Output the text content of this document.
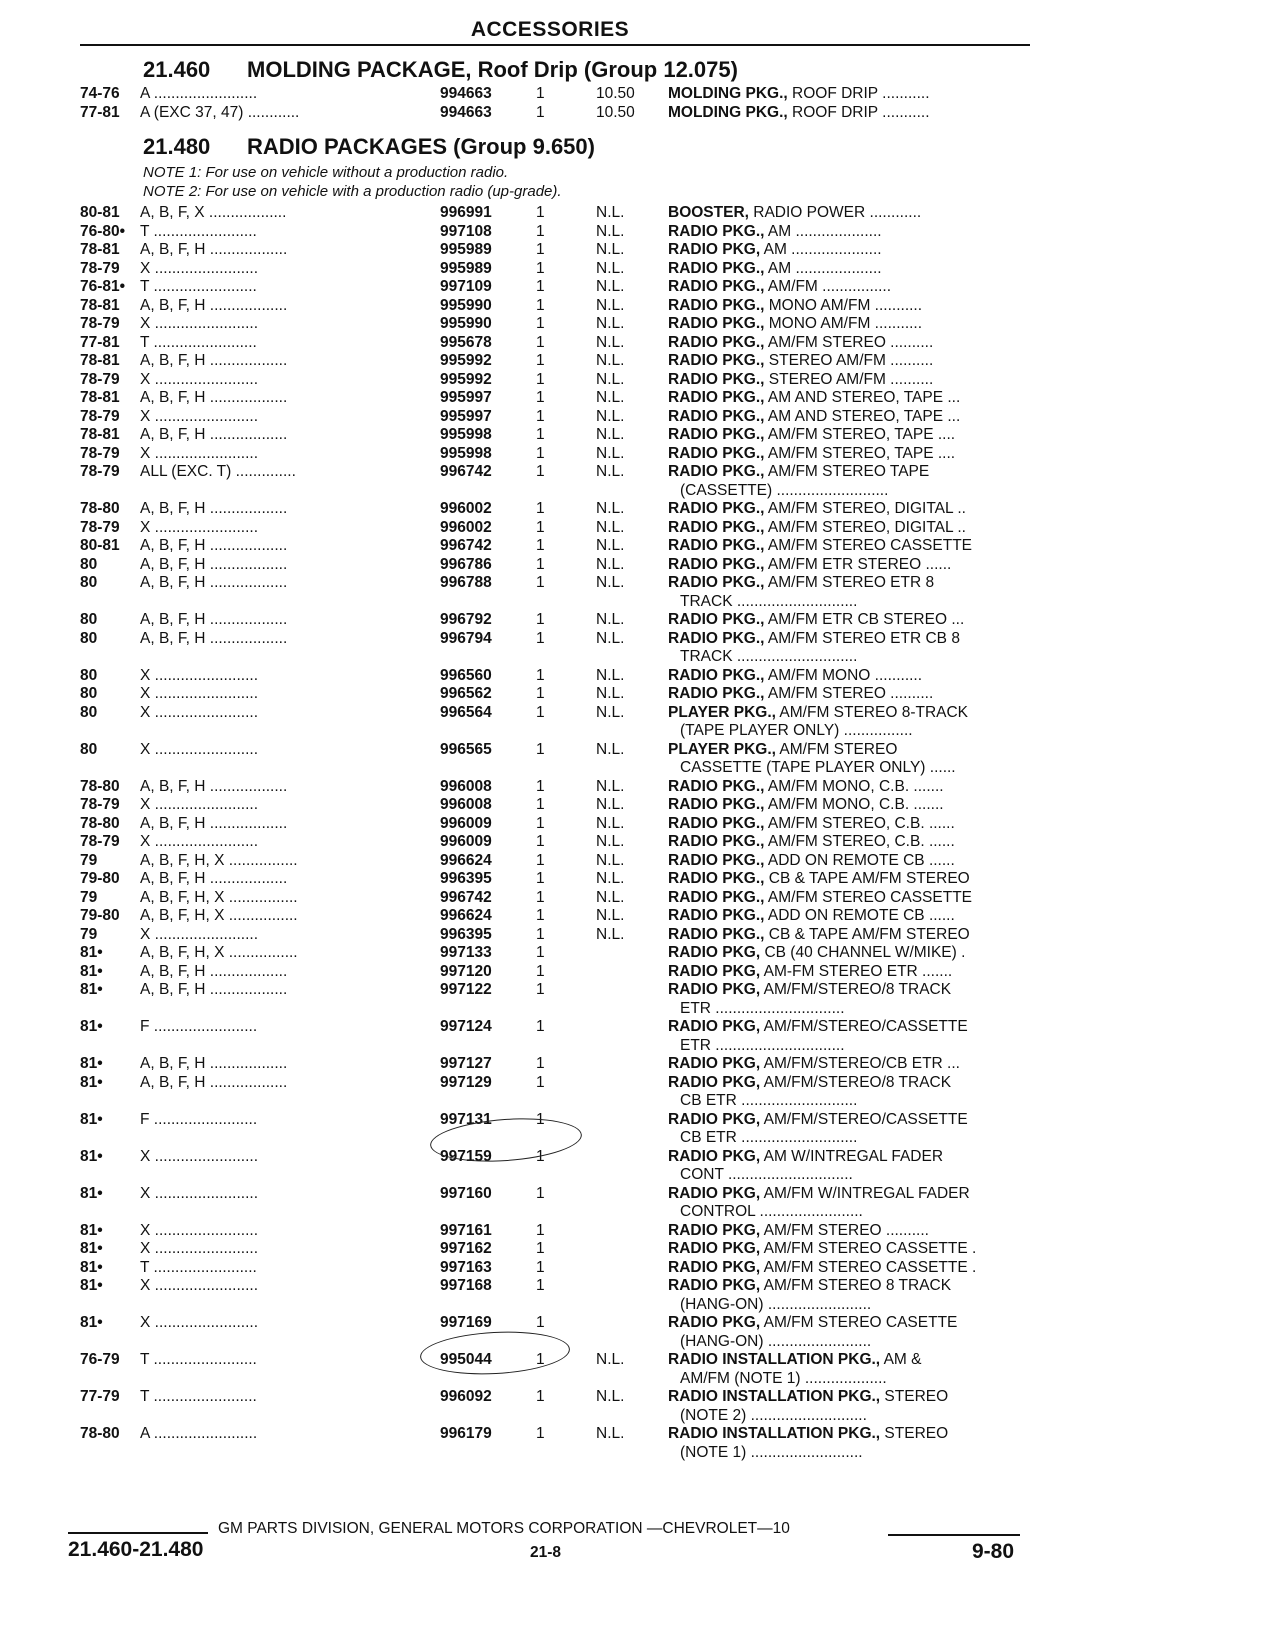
ACCESSORIES
21.460 MOLDING PACKAGE, Roof Drip (Group 12.075)
74-76 A ........................	994663	1	10.50 MOLDING PKG., ROOF DRIP ...........
77-81 A (EXC 37, 47) ............	994663	1	10.50 MOLDING PKG., ROOF DRIP ...........
21.480 RADIO PACKAGES (Group 9.650)
NOTE 1: For use on vehicle without a production radio.
NOTE 2: For use on vehicle with a production radio (up-grade).
80-81 A, B, F, X ..................	996991	1	N.L.	BOOSTER, RADIO POWER ............
76-80• T ........................	997108	1	N.L.	RADIO PKG., AM ....................
78-81 A, B, F, H ..................	995989	1	N.L.	RADIO PKG, AM .....................
78-79 X ........................	995989	1	N.L.	RADIO PKG., AM ....................
76-81• T ........................	997109	1	N.L.	RADIO PKG., AM/FM ................
78-81 A, B, F, H ..................	995990	1	N.L.	RADIO PKG., MONO AM/FM ...........
78-79 X ........................	995990	1	N.L.	RADIO PKG., MONO AM/FM ...........
77-81 T ........................	995678	1	N.L.	RADIO PKG., AM/FM STEREO ..........
78-81 A, B, F, H ..................	995992	1	N.L.	RADIO PKG., STEREO AM/FM ..........
78-79 X ........................	995992	1	N.L.	RADIO PKG., STEREO AM/FM ..........
78-81 A, B, F, H ..................	995997	1	N.L.	RADIO PKG., AM AND STEREO, TAPE ...
78-79 X ........................	995997	1	N.L.	RADIO PKG., AM AND STEREO, TAPE ...
78-81 A, B, F, H ..................	995998	1	N.L.	RADIO PKG., AM/FM STEREO, TAPE ....
78-79 X ........................	995998	1	N.L.	RADIO PKG., AM/FM STEREO, TAPE ....
78-79 ALL (EXC. T) ..............	996742	1	N.L.	RADIO PKG., AM/FM STEREO TAPE
(CASSETTE) ..........................
78-80 A, B, F, H ..................	996002	1	N.L.	RADIO PKG., AM/FM STEREO, DIGITAL ..
78-79 X ........................	996002	1	N.L.	RADIO PKG., AM/FM STEREO, DIGITAL ..
80-81 A, B, F, H ..................	996742	1	N.L.	RADIO PKG., AM/FM STEREO CASSETTE
80	A, B, F, H ..................	996786	1	N.L.	RADIO PKG., AM/FM ETR STEREO ......
80	A, B, F, H ..................	996788	1	N.L.	RADIO PKG., AM/FM STEREO ETR 8
TRACK ............................
80	A, B, F, H ..................	996792	1	N.L.	RADIO PKG., AM/FM ETR CB STEREO ...
80	A, B, F, H ..................	996794	1	N.L.	RADIO PKG., AM/FM STEREO ETR CB 8
TRACK ............................
80	X ........................	996560	1	N.L.	RADIO PKG., AM/FM MONO ...........
80	X ........................	996562	1	N.L.	RADIO PKG., AM/FM STEREO ..........
80	X ........................	996564	1	N.L.	PLAYER PKG., AM/FM STEREO 8-TRACK
(TAPE PLAYER ONLY) ................
80	X ........................	996565	1	N.L.	PLAYER PKG., AM/FM STEREO
CASSETTE (TAPE PLAYER ONLY) ......
78-80 A, B, F, H ..................	996008	1	N.L.	RADIO PKG., AM/FM MONO, C.B. .......
78-79 X ........................	996008	1	N.L.	RADIO PKG., AM/FM MONO, C.B. .......
78-80 A, B, F, H ..................	996009	1	N.L.	RADIO PKG., AM/FM STEREO, C.B. ......
78-79 X ........................	996009	1	N.L.	RADIO PKG., AM/FM STEREO, C.B. ......
79	A, B, F, H, X ................	996624	1	N.L.	RADIO PKG., ADD ON REMOTE CB ......
79-80 A, B, F, H ..................	996395	1	N.L.	RADIO PKG., CB & TAPE AM/FM STEREO
79	A, B, F, H, X ................	996742	1	N.L.	RADIO PKG., AM/FM STEREO CASSETTE
79-80 A, B, F, H, X ................	996624	1	N.L.	RADIO PKG., ADD ON REMOTE CB ......
79	X ........................	996395	1	N.L.	RADIO PKG., CB & TAPE AM/FM STEREO
81• A, B, F, H, X ................	997133	1	RADIO PKG, CB (40 CHANNEL W/MIKE) .
81• A, B, F, H ..................	997120	1	RADIO PKG, AM-FM STEREO ETR .......
81• A, B, F, H ..................	997122	1	RADIO PKG, AM/FM/STEREO/8 TRACK
ETR ..............................
81• F ........................	997124	1	RADIO PKG, AM/FM/STEREO/CASSETTE
ETR ..............................
81• A, B, F, H ..................	997127	1	RADIO PKG, AM/FM/STEREO/CB ETR ...
81• A, B, F, H ..................	997129	1	RADIO PKG, AM/FM/STEREO/8 TRACK
CB ETR ...........................
81• F ........................	997131	1	RADIO PKG, AM/FM/STEREO/CASSETTE
CB ETR ...........................
81• X ........................	997159	1	RADIO PKG, AM W/INTREGAL FADER
CONT .............................
81• X ........................	997160	1	RADIO PKG, AM/FM W/INTREGAL FADER
CONTROL ........................
81• X ........................	997161	1	RADIO PKG, AM/FM STEREO ..........
81• X ........................	997162	1	RADIO PKG, AM/FM STEREO CASSETTE .
81• T ........................	997163	1	RADIO PKG, AM/FM STEREO CASSETTE .
81• X ........................	997168	1	RADIO PKG, AM/FM STEREO 8 TRACK
(HANG-ON) ........................
81• X ........................	997169	1	RADIO PKG, AM/FM STEREO CASETTE
(HANG-ON) ........................
76-79 T ........................	995044	1	N.L.	RADIO INSTALLATION PKG., AM &
AM/FM (NOTE 1) ...................
77-79 T ........................	996092	1	N.L.	RADIO INSTALLATION PKG., STEREO
(NOTE 2) ...........................
78-80 A ........................	996179	1	N.L.	RADIO INSTALLATION PKG., STEREO
(NOTE 1) ..........................
GM PARTS DIVISION, GENERAL MOTORS CORPORATION —CHEVROLET—10
21.460-21.480	21-8	9-80
